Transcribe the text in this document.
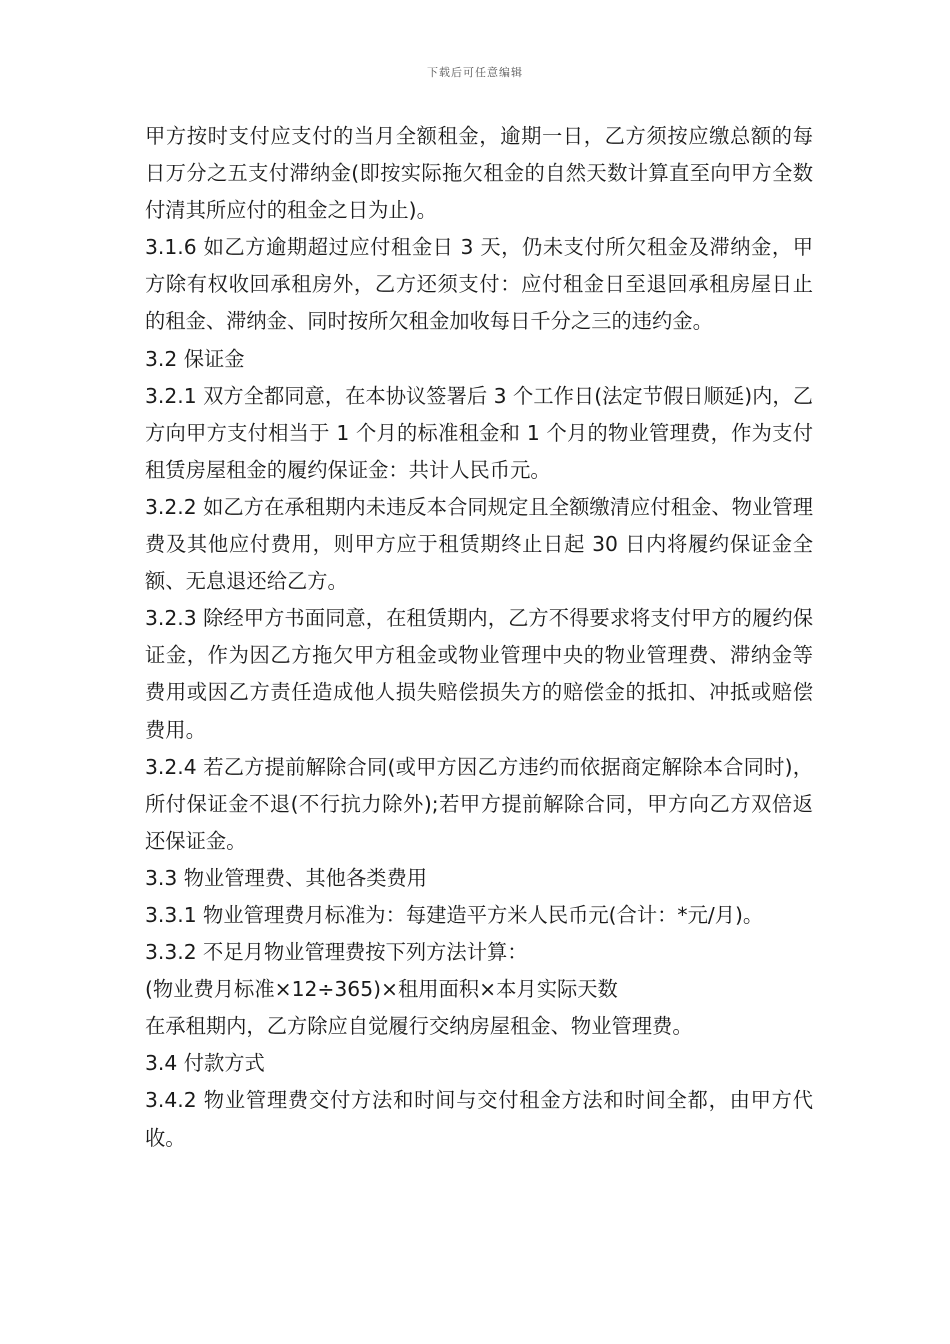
下载后可任意编辑

甲方按时支付应支付的当月全额租金，逾期一日，乙方须按应缴总额的每日万分之五支付滞纳金(即按实际拖欠租金的自然天数计算直至向甲方全数付清其所应付的租金之日为止)。

3.1.6 如乙方逾期超过应付租金日 3 天，仍未支付所欠租金及滞纳金，甲方除有权收回承租房外，乙方还须支付：应付租金日至退回承租房屋日止的租金、滞纳金、同时按所欠租金加收每日千分之三的违约金。

3.2 保证金

3.2.1 双方全都同意，在本协议签署后 3 个工作日(法定节假日顺延)内，乙方向甲方支付相当于 1 个月的标准租金和 1 个月的物业管理费，作为支付租赁房屋租金的履约保证金：共计人民币元。

3.2.2 如乙方在承租期内未违反本合同规定且全额缴清应付租金、物业管理费及其他应付费用，则甲方应于租赁期终止日起 30 日内将履约保证金全额、无息退还给乙方。

3.2.3 除经甲方书面同意，在租赁期内，乙方不得要求将支付甲方的履约保证金，作为因乙方拖欠甲方租金或物业管理中央的物业管理费、滞纳金等费用或因乙方责任造成他人损失赔偿损失方的赔偿金的抵扣、冲抵或赔偿费用。

3.2.4 若乙方提前解除合同(或甲方因乙方违约而依据商定解除本合同时)，所付保证金不退(不行抗力除外);若甲方提前解除合同，甲方向乙方双倍返还保证金。

3.3 物业管理费、其他各类费用

3.3.1 物业管理费月标准为：每建造平方米人民币元(合计：*元/月)。

3.3.2 不足月物业管理费按下列方法计算：

(物业费月标准×12÷365)×租用面积×本月实际天数

在承租期内，乙方除应自觉履行交纳房屋租金、物业管理费。

3.4 付款方式

3.4.2 物业管理费交付方法和时间与交付租金方法和时间全都，由甲方代收。
